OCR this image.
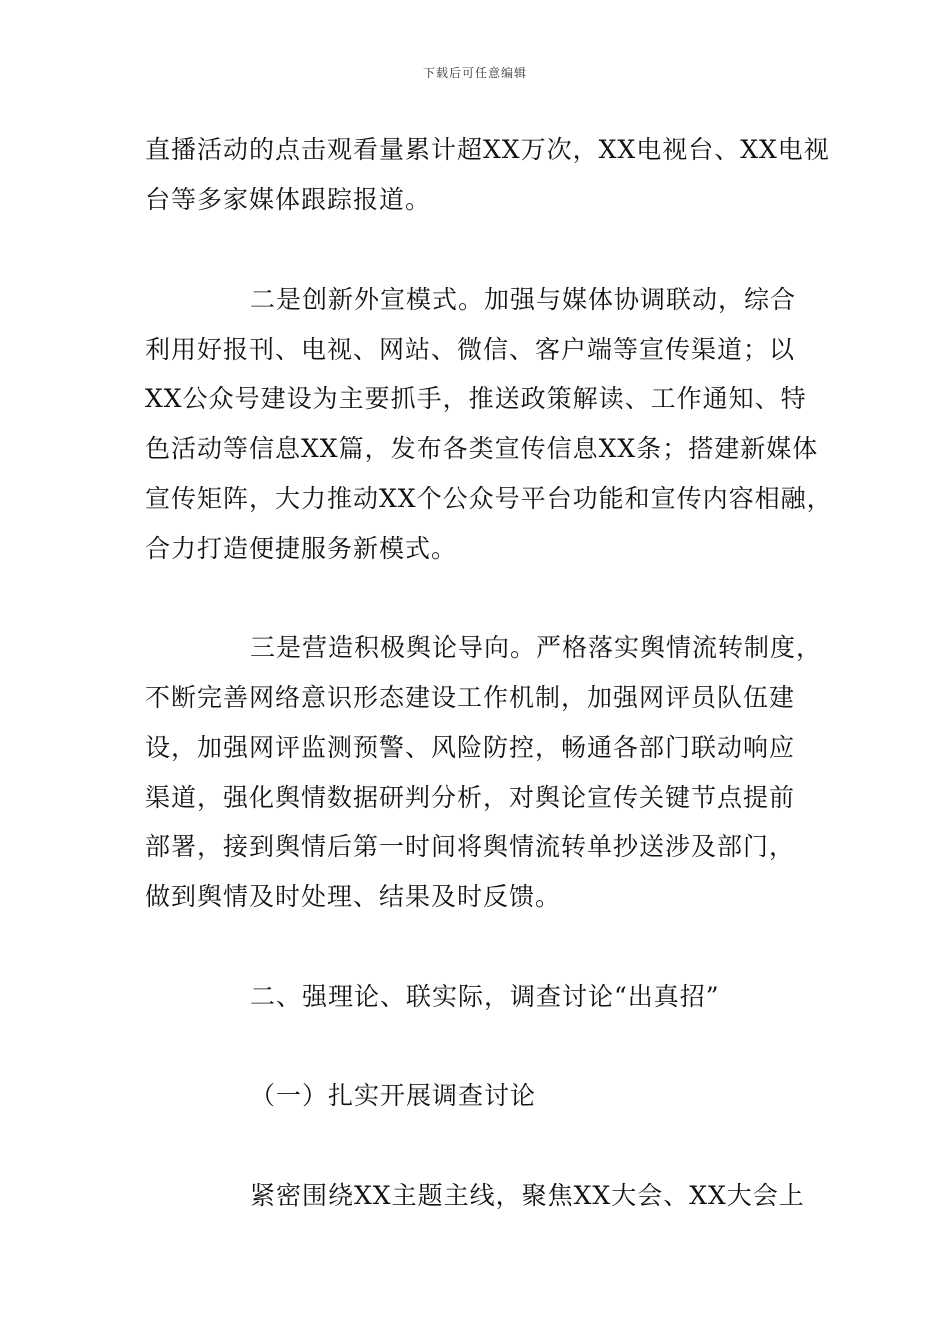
下载后可任意编辑
直播活动的点击观看量累计超XX万次，XX电视台、XX电视
台等多家媒体跟踪报道。
二是创新外宣模式。加强与媒体协调联动，综合
利用好报刊、电视、网站、微信、客户端等宣传渠道；以
XX公众号建设为主要抓手，推送政策解读、工作通知、特
色活动等信息XX篇，发布各类宣传信息XX条；搭建新媒体
宣传矩阵，大力推动XX个公众号平台功能和宣传内容相融，
合力打造便捷服务新模式。
三是营造积极舆论导向。严格落实舆情流转制度，
不断完善网络意识形态建设工作机制，加强网评员队伍建
设，加强网评监测预警、风险防控，畅通各部门联动响应
渠道，强化舆情数据研判分析，对舆论宣传关键节点提前
部署，接到舆情后第一时间将舆情流转单抄送涉及部门，
做到舆情及时处理、结果及时反馈。
二、强理论、联实际，调查讨论“出真招”
（一）扎实开展调查讨论
紧密围绕XX主题主线，聚焦XX大会、XX大会上
